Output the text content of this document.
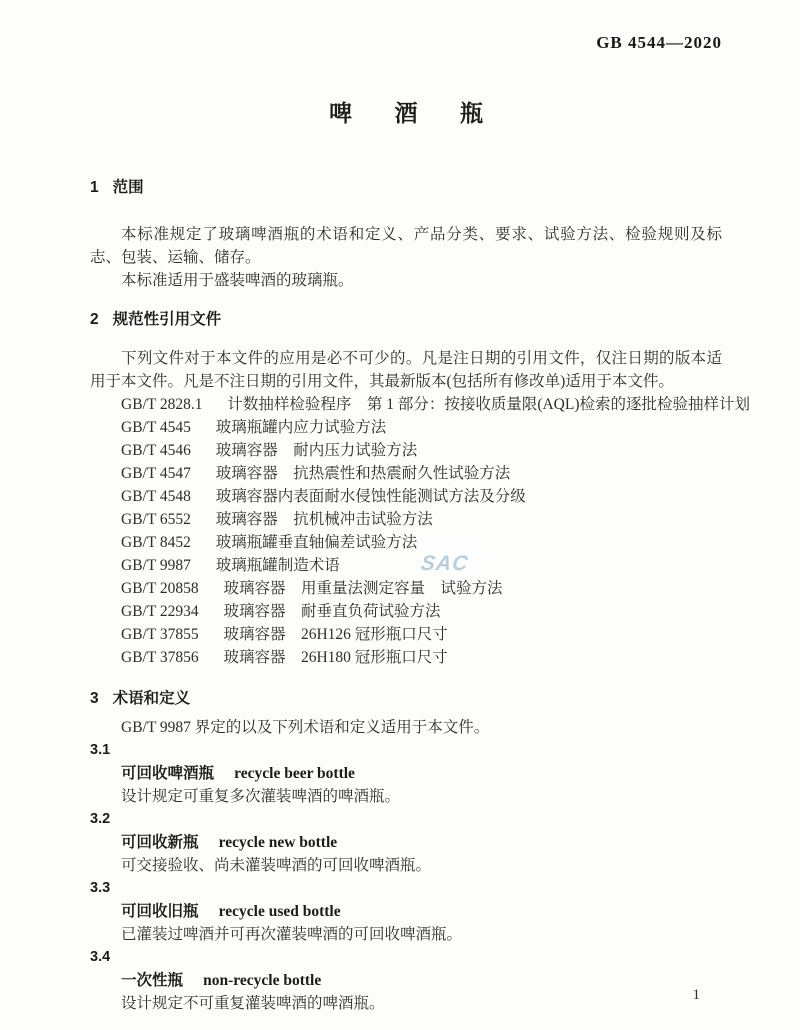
SAC
GB 4544—2020
啤酒瓶
1 范围

本标准规定了玻璃啤酒瓶的术语和定义、产品分类、要求、试验方法、检验规则及标志、包装、运输、储存。

本标准适用于盛装啤酒的玻璃瓶。

2 规范性引用文件

下列文件对于本文件的应用是必不可少的。凡是注日期的引用文件，仅注日期的版本适用于本文件。凡是不注日期的引用文件，其最新版本(包括所有修改单)适用于本文件。

GB/T 2828.1 计数抽样检验程序　第 1 部分：按接收质量限(AQL)检索的逐批检验抽样计划
GB/T 4545 玻璃瓶罐内应力试验方法
GB/T 4546 玻璃容器　耐内压力试验方法
GB/T 4547 玻璃容器　抗热震性和热震耐久性试验方法
GB/T 4548 玻璃容器内表面耐水侵蚀性能测试方法及分级
GB/T 6552 玻璃容器　抗机械冲击试验方法
GB/T 8452 玻璃瓶罐垂直轴偏差试验方法
GB/T 9987 玻璃瓶罐制造术语
GB/T 20858 玻璃容器　用重量法测定容量　试验方法
GB/T 22934 玻璃容器　耐垂直负荷试验方法
GB/T 37855 玻璃容器　26H126 冠形瓶口尺寸
GB/T 37856 玻璃容器　26H180 冠形瓶口尺寸
3 术语和定义

GB/T 9987 界定的以及下列术语和定义适用于本文件。

3.1
可回收啤酒瓶 recycle beer bottle
设计规定可重复多次灌装啤酒的啤酒瓶。
3.2
可回收新瓶 recycle new bottle
可交接验收、尚未灌装啤酒的可回收啤酒瓶。
3.3
可回收旧瓶 recycle used bottle
已灌装过啤酒并可再次灌装啤酒的可回收啤酒瓶。
3.4
一次性瓶 non-recycle bottle
设计规定不可重复灌装啤酒的啤酒瓶。	1
